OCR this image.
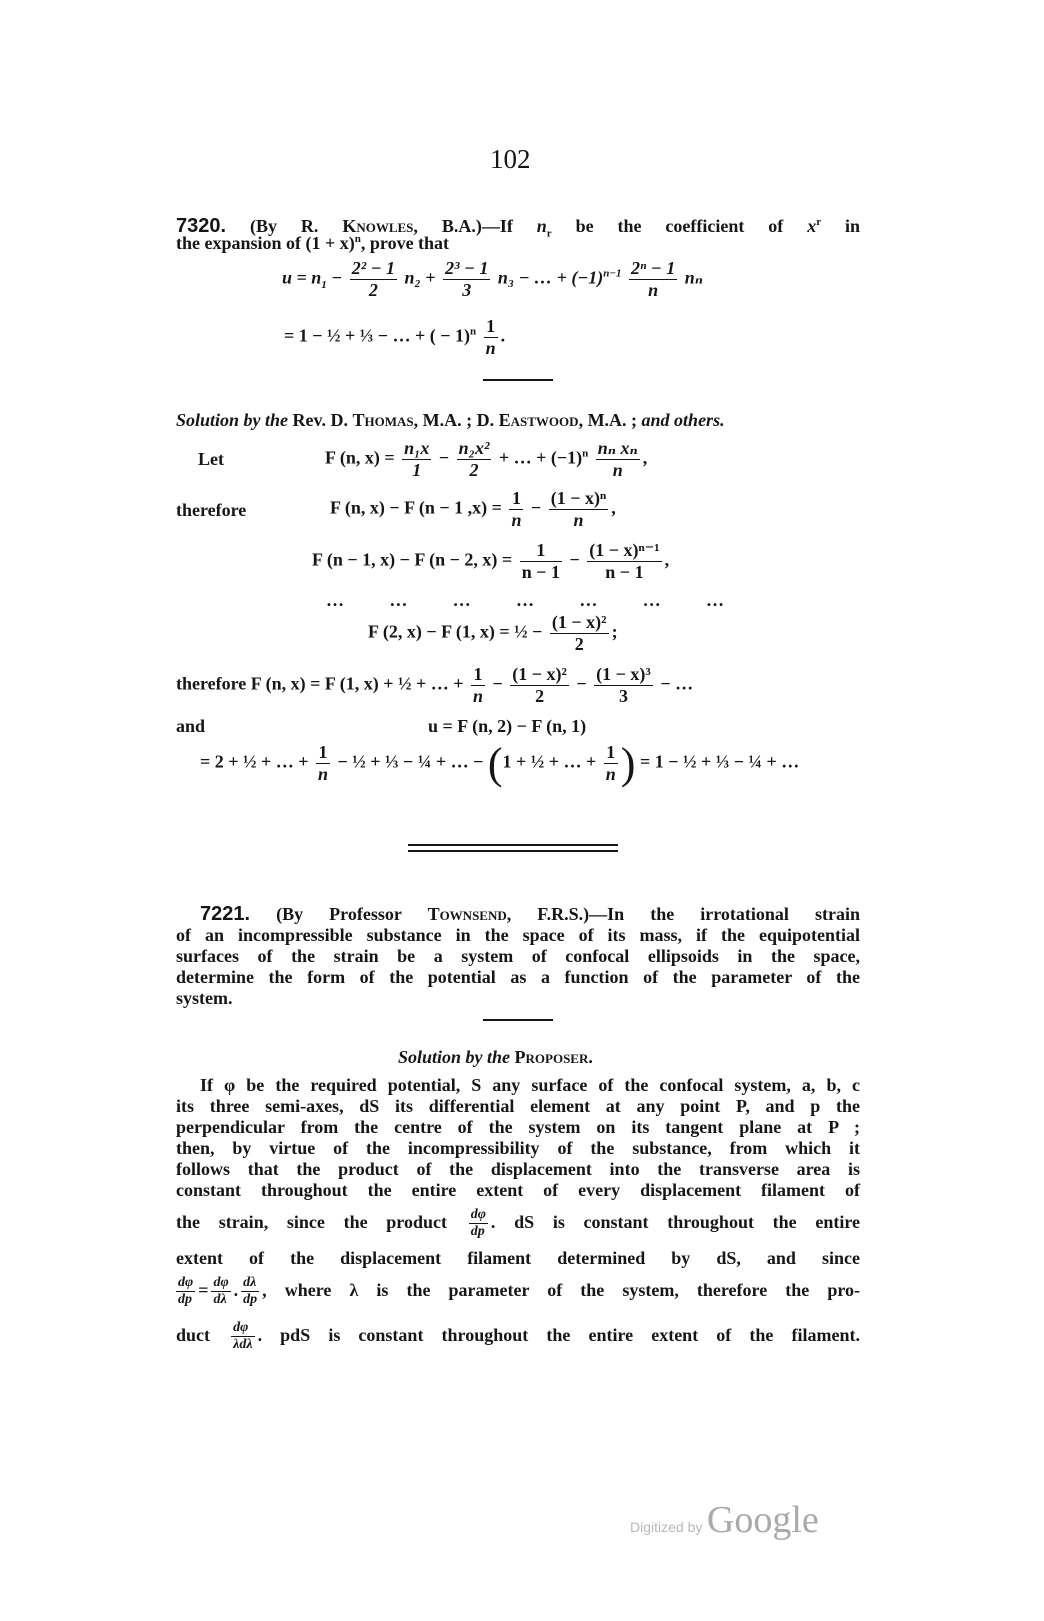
102
7320. (By R. Knowles, B.A.)—If $n_r$ be the coefficient of $x^r$ in
the expansion of $(1 + x)^n$, prove that
$u = n_1 - \frac{\text{2² − 1}}{2} n_2 + \frac{\text{2³ − 1}}{3} n_3$ − … + $(-1)^{n-1} \frac{\text{2ⁿ − 1}}{n}$ nₙ
= 1 − ½ + ⅓ − … + ( − $1)^n \frac{1}{n}$ .
Solution by the Rev. D. Thomas, M.A. ; D. Eastwood, M.A. ; and others.
Let	F (n, $x) = \frac{\text{n₁x}}{1} - \frac{\text{n₂x²}}{2}$ + … + $(-1)^n \frac{\text{nₙ xₙ}}{n}$ ,
therefore	F (n, x) − F (n − 1 $,x) = \frac{1}{n} - \frac{\text{(1 − x)ⁿ}}{n}$ ,
F (n − 1, x) − F (n − 2, $x) = \frac{1}{n - 1} - \frac{\text{(1 − x)ⁿ⁻¹}}{n - 1}$ ,
…	…	…	…	…	…	…
F (2, x) − F (1, x) = ½ − $\frac{\text{(1 − x)²}}{2}$ ;
therefore F (n, x) = F (1, x) + ½ + … + $\frac{1}{n} - \frac{\text{(1 − x)²}}{2} - \frac{\text{(1 − x)³}}{3}$ − …
and	u = F (n, 2) − F (n, 1)
= 2 + ½ + … + $\frac{1}{n}$ − ½ + ⅓ − ¼ + … − (1 + ½ + … + $\frac{1}{n}$ ) = 1 − ½ + ⅓ − ¼ + …
7221. (By Professor Townsend, F.R.S.)—In the irrotational strain
of an incompressible substance in the space of its mass, if the equipotential
surfaces of the strain be a system of confocal ellipsoids in the space,
determine the form of the potential as a function of the parameter of the
system.
Solution by the Proposer.
If φ be the required potential, S any surface of the confocal system, a, b, c
its three semi-axes, dS its differential element at any point P, and p the
perpendicular from the centre of the system on its tangent plane at P ;
then, by virtue of the incompressibility of the substance, from which it
follows that the product of the displacement into the transverse area is
constant throughout the entire extent of every displacement filament of
the strain, since the product $\frac{d\varphi}{dp}$ . dS is constant throughout the entire
extent of the displacement filament determined by dS, and since
$\frac{d\varphi}{dp} = \frac{d\varphi}{d\lambda}$ . $\frac{d\lambda}{dp}$ , where λ is the parameter of the system, therefore the pro-
duct $\frac{d\varphi}{\text{λdλ}}$ . pdS is constant throughout the entire extent of the filament.
Digitized by Google
